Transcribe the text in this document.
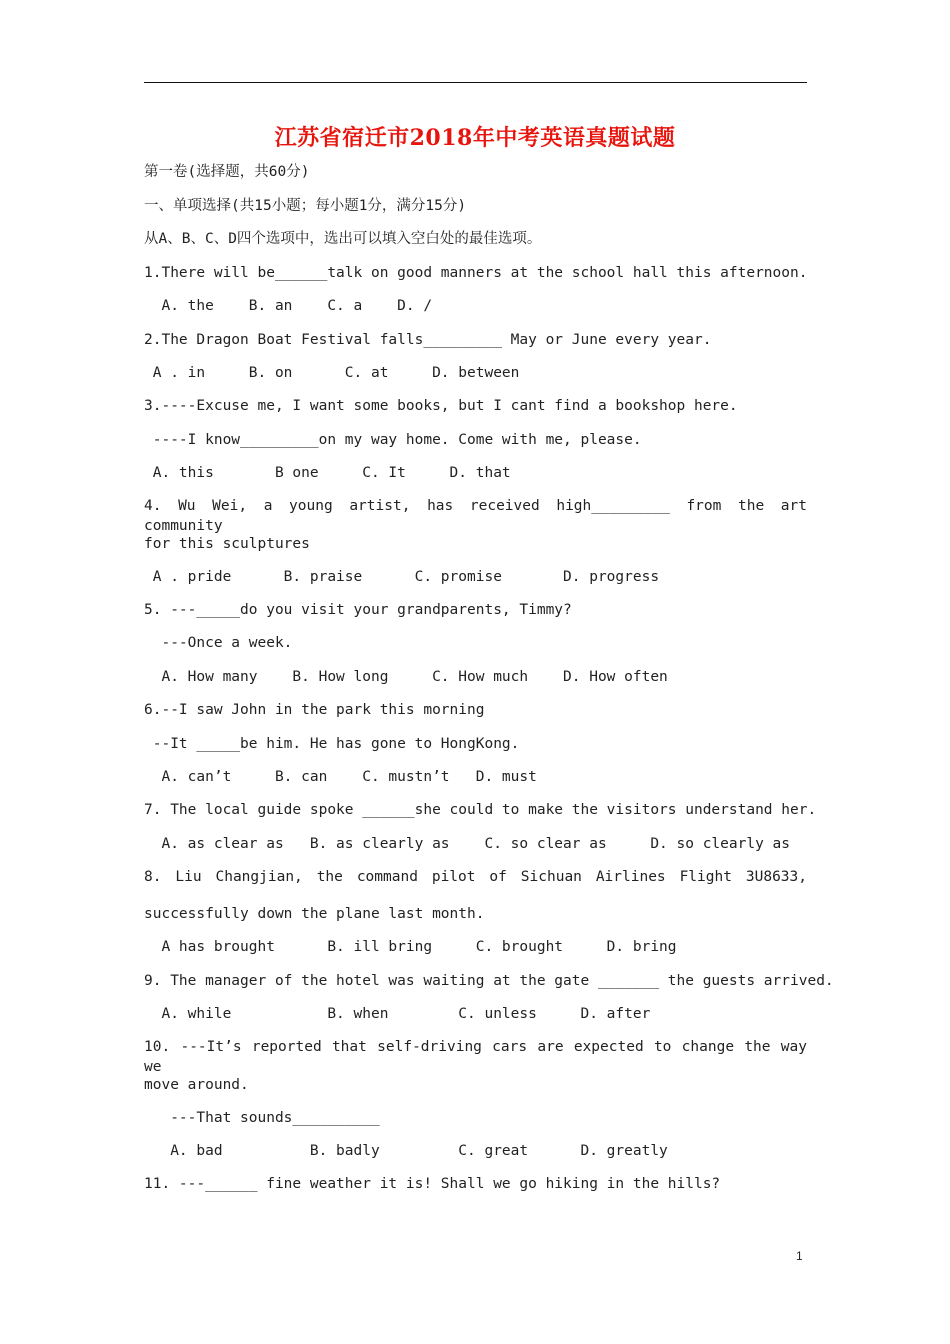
江苏省宿迁市2018年中考英语真题试题
第一卷(选择题，共60分)
一、单项选择(共15小题；每小题1分，满分15分)
从A、B、C、D四个选项中，选出可以填入空白处的最佳选项。
1.There will be______talk on good manners at the school hall this afternoon.
A. the    B. an    C. a    D. /
2.The Dragon Boat Festival falls_________ May or June every year.
A . in     B. on      C. at     D. between
3.----Excuse me, I want some books, but I cant find a bookshop here.
----I know_________on my way home. Come with me, please.
A. this       B one     C. It     D. that
4. Wu Wei, a young artist, has received high_________ from the art community
for this sculptures
A . pride      B. praise      C. promise       D. progress
5. ---_____do you visit your grandparents, Timmy?
---Once a week.
A. How many    B. How long     C. How much    D. How often
6.--I saw John in the park this morning
--It _____be him. He has gone to HongKong.
A. can’t     B. can    C. mustn’t   D. must
7. The local guide spoke ______she could to make the visitors understand her.
A. as clear as   B. as clearly as    C. so clear as     D. so clearly as
8. Liu Changjian, the command pilot of Sichuan Airlines Flight 3U8633,
successfully down the plane last month.
A has brought      B. ill bring     C. brought     D. bring
9. The manager of the hotel was waiting at the gate _______ the guests arrived.
A. while           B. when        C. unless     D. after
10. ---It’s reported that self-driving cars are expected to change the way we
move around.
---That sounds__________
A. bad          B. badly         C. great      D. greatly
11. ---______ fine weather it is! Shall we go hiking in the hills?
1
